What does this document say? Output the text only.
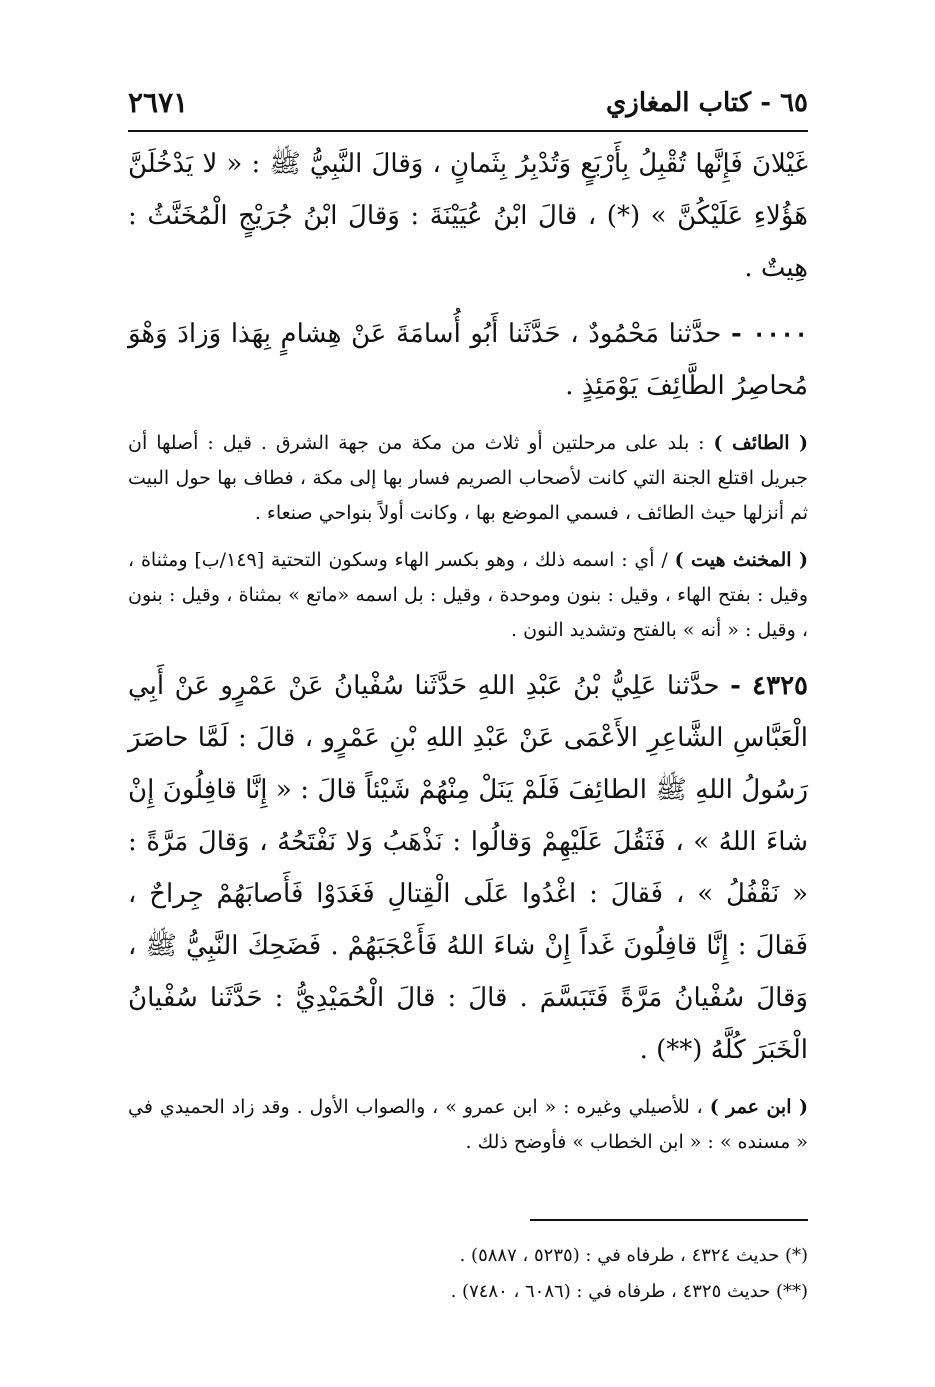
٦٥ - كتاب المغازي
٢٦٧١

غَيْلانَ فَإِنَّها تُقْبِلُ بِأَرْبَعٍ وَتُدْبِرُ بِثَمانٍ ، وَقالَ النَّبِيُّ ﷺ : « لا يَدْخُلَنَّ هَؤُلاءِ عَلَيْكُنَّ » (*) ، قالَ ابْنُ عُيَيْنَةَ : وَقالَ ابْنُ جُرَيْجٍ الْمُخَنَّثُ : هِيتٌ .

٠٠٠٠ - حدَّثنا مَحْمُودٌ ، حَدَّثَنا أَبُو أُسامَةَ عَنْ هِشامٍ بِهَذا وَزادَ وَهْوَ مُحاصِرُ الطَّائِفَ يَوْمَئِذٍ .

( الطائف ) : بلد على مرحلتين أو ثلاث من مكة من جهة الشرق . قيل : أصلها أن جبريل اقتلع الجنة التي كانت لأصحاب الصريم فسار بها إلى مكة ، فطاف بها حول البيت ثم أنزلها حيث الطائف ، فسمي الموضع بها ، وكانت أولاً بنواحي صنعاء .

( المخنث هيت ) / أي : اسمه ذلك ، وهو بكسر الهاء وسكون التحتية [١٤٩/ب] ومثناة ، وقيل : بفتح الهاء ، وقيل : بنون وموحدة ، وقيل : بل اسمه «ماتع » بمثناة ، وقيل : بنون ، وقيل : « أنه » بالفتح وتشديد النون .

٤٣٢٥ - حدَّثنا عَلِيُّ بْنُ عَبْدِ اللهِ حَدَّثَنا سُفْيانُ عَنْ عَمْرٍو عَنْ أَبِي الْعَبَّاسِ الشَّاعِرِ الأَعْمَى عَنْ عَبْدِ اللهِ بْنِ عَمْرٍو ، قالَ : لَمَّا حاصَرَ رَسُولُ اللهِ ﷺ الطائِفَ فَلَمْ يَنَلْ مِنْهُمْ شَيْئاً قالَ : « إِنَّا قافِلُونَ إِنْ شاءَ اللهُ » ، فَثَقُلَ عَلَيْهِمْ وَقالُوا : نَذْهَبُ وَلا نَفْتَحُهُ ، وَقالَ مَرَّةً : « نَقْفُلُ » ، فَقالَ : اغْدُوا عَلَى الْقِتالِ فَغَدَوْا فَأَصابَهُمْ جِراحٌ ، فَقالَ : إِنَّا قافِلُونَ غَداً إِنْ شاءَ اللهُ فَأَعْجَبَهُمْ . فَضَحِكَ النَّبِيُّ ﷺ ، وَقالَ سُفْيانُ مَرَّةً فَتَبَسَّمَ . قالَ : قالَ الْحُمَيْدِيُّ : حَدَّثَنا سُفْيانُ الْخَبَرَ كُلَّهُ (**) .

( ابن عمر ) ، للأصيلي وغيره : « ابن عمرو » ، والصواب الأول . وقد زاد الحميدي في « مسنده » : « ابن الخطاب » فأوضح ذلك .

(*) حديث ٤٣٢٤ ، طرفاه في : (٥٢٣٥ ، ٥٨٨٧) .

(**) حديث ٤٣٢٥ ، طرفاه في : (٦٠٨٦ ، ٧٤٨٠) .
